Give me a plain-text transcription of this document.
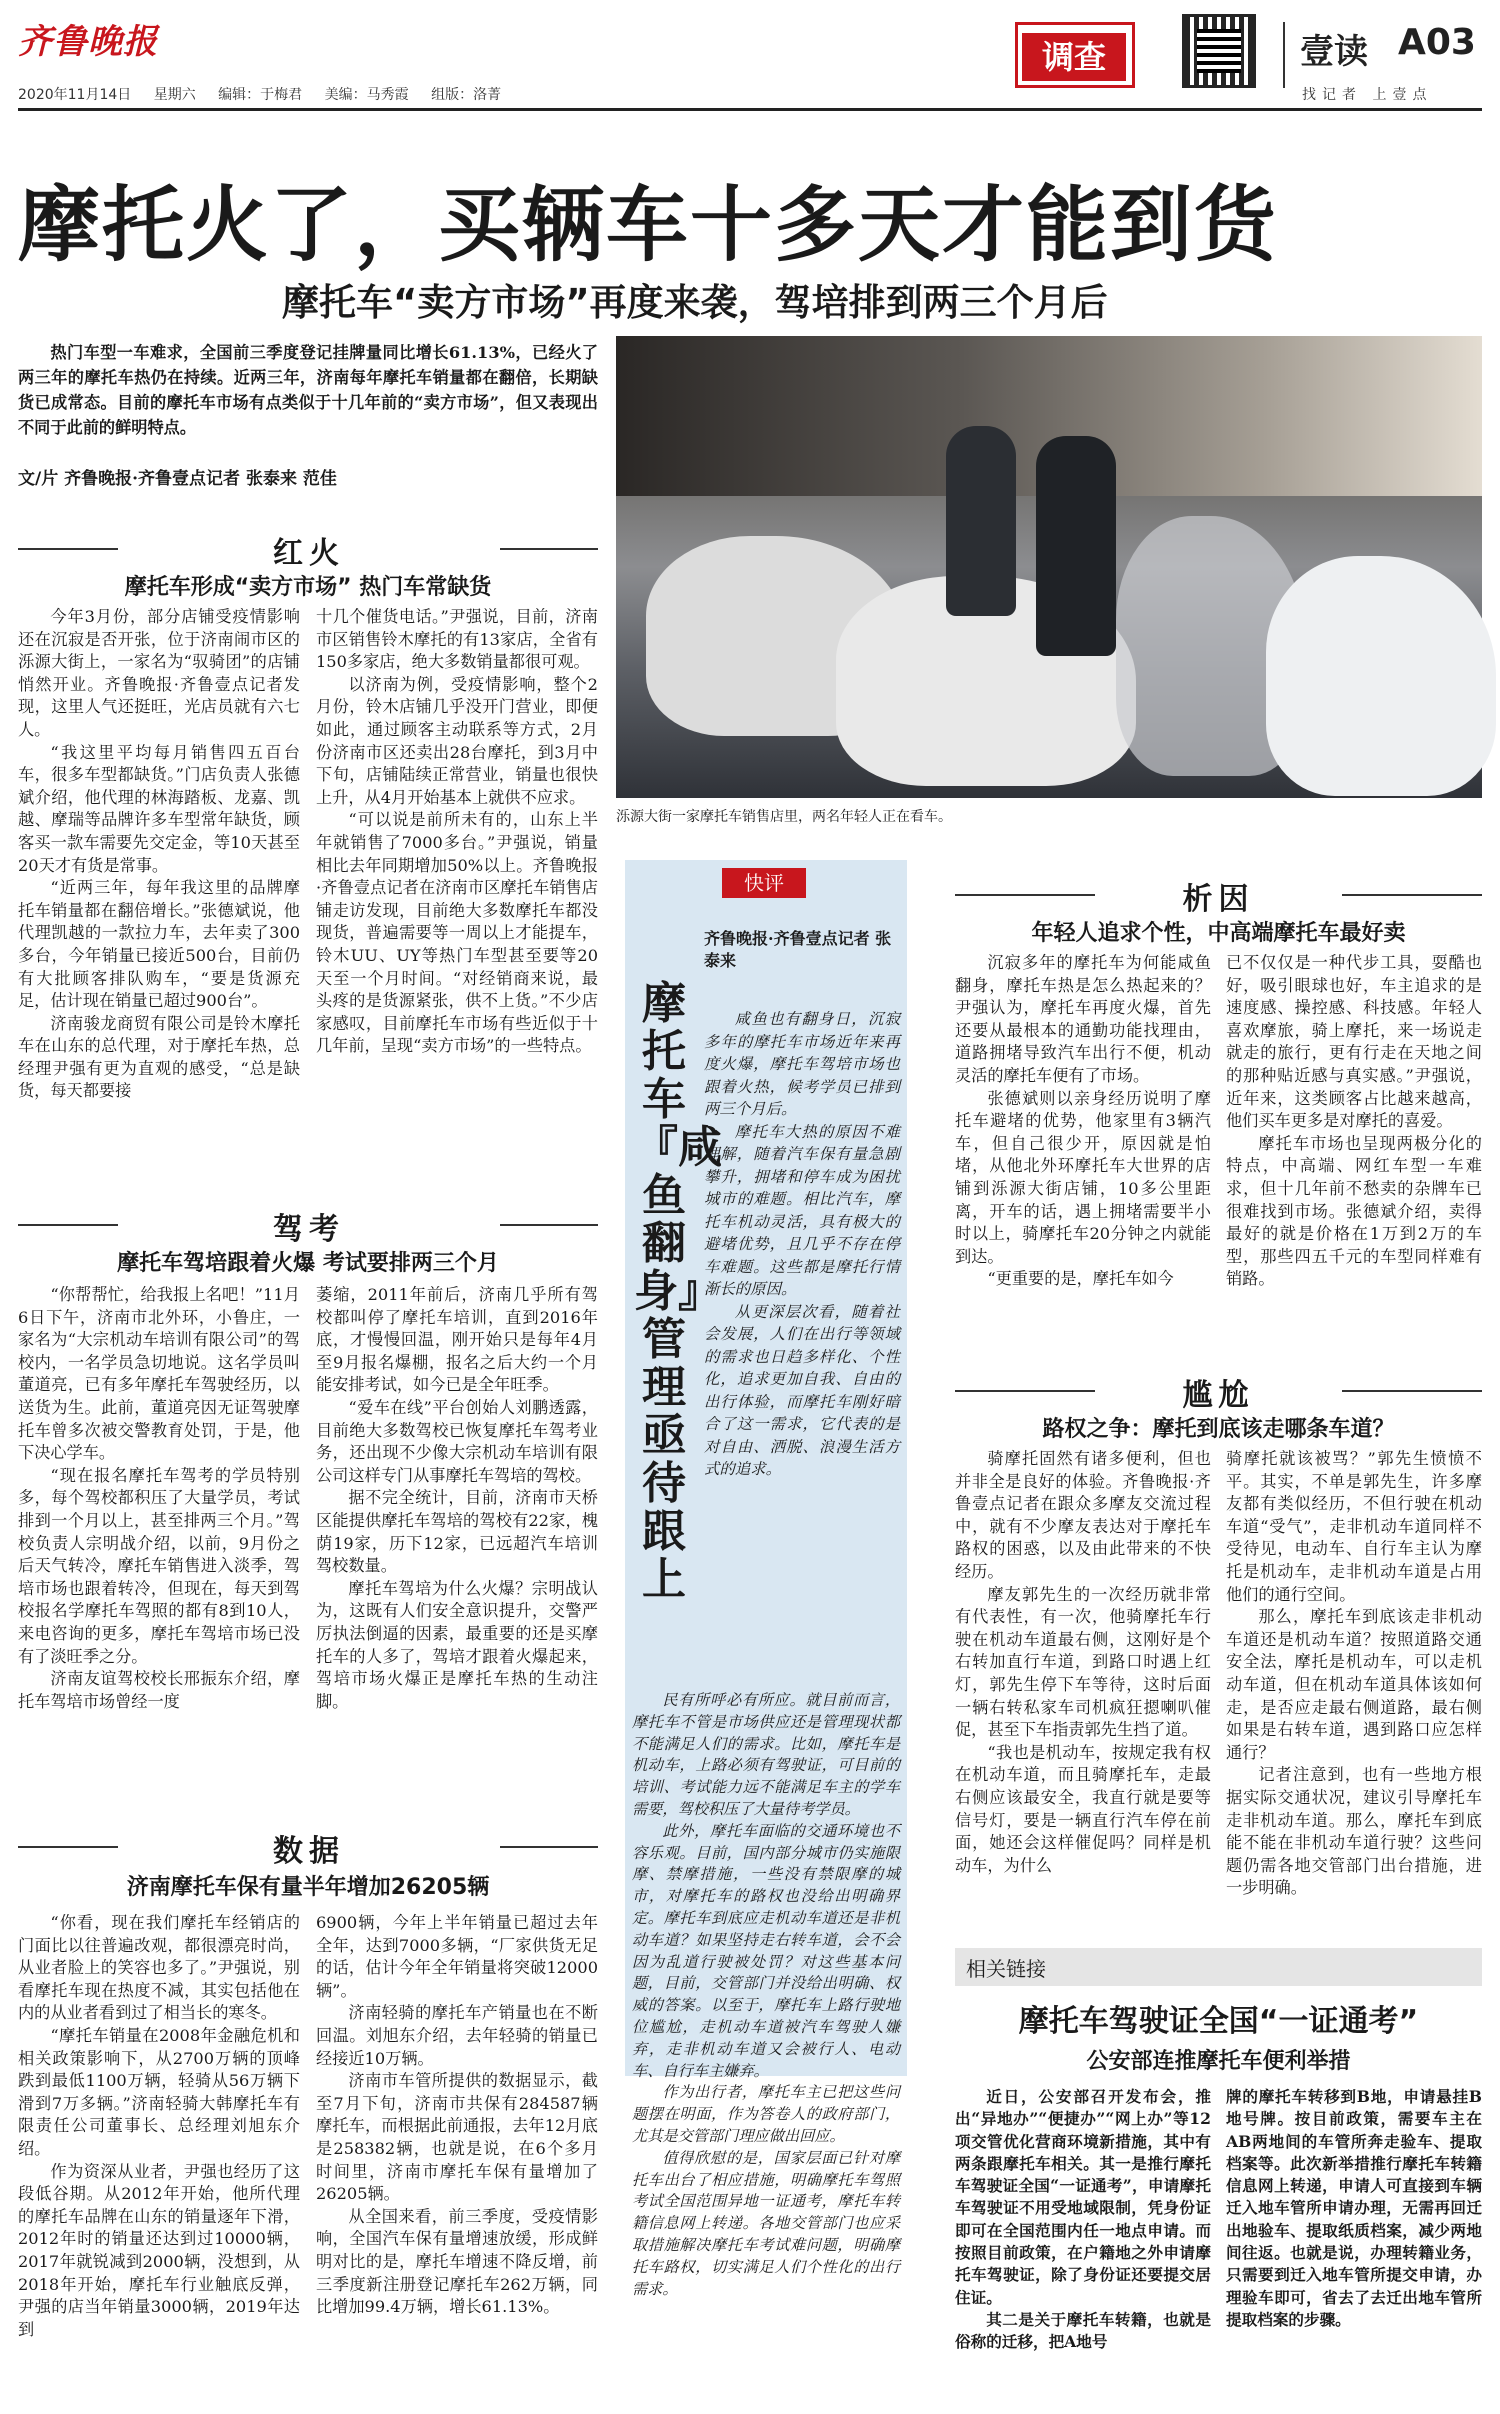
齐鲁晚报
2020年11月14日 星期六 编辑：于梅君 美编：马秀霞 组版：洛菁
调查	壹读 A03
找记者 上壹点
摩托火了，买辆车十多天才能到货
摩托车“卖方市场”再度来袭，驾培排到两三个月后

热门车型一车难求，全国前三季度登记挂牌量同比增长61.13%，已经火了两三年的摩托车热仍在持续。近两三年，济南每年摩托车销量都在翻倍，长期缺货已成常态。目前的摩托车市场有点类似于十几年前的“卖方市场”，但又表现出不同于此前的鲜明特点。

文/片 齐鲁晚报·齐鲁壹点记者 张泰来 范佳
泺源大街一家摩托车销售店里，两名年轻人正在看车。
红火
摩托车形成“卖方市场” 热门车常缺货

今年3月份，部分店铺受疫情影响还在沉寂是否开张，位于济南闹市区的泺源大街上，一家名为“驭骑团”的店铺悄然开业。齐鲁晚报·齐鲁壹点记者发现，这里人气还挺旺，光店员就有六七人。

“我这里平均每月销售四五百台车，很多车型都缺货。”门店负责人张德斌介绍，他代理的林海踏板、龙嘉、凯越、摩瑞等品牌许多车型常年缺货，顾客买一款车需要先交定金，等10天甚至20天才有货是常事。

“近两三年，每年我这里的品牌摩托车销量都在翻倍增长。”张德斌说，他代理凯越的一款拉力车，去年卖了300多台，今年销量已接近500台，目前仍有大批顾客排队购车，“要是货源充足，估计现在销量已超过900台”。

济南骏龙商贸有限公司是铃木摩托车在山东的总代理，对于摩托车热，总经理尹强有更为直观的感受，“总是缺货，每天都要接

十几个催货电话。”尹强说，目前，济南市区销售铃木摩托的有13家店，全省有150多家店，绝大多数销量都很可观。

以济南为例，受疫情影响，整个2月份，铃木店铺几乎没开门营业，即便如此，通过顾客主动联系等方式，2月份济南市区还卖出28台摩托，到3月中下旬，店铺陆续正常营业，销量也很快上升，从4月开始基本上就供不应求。

“可以说是前所未有的，山东上半年就销售了7000多台。”尹强说，销量相比去年同期增加50%以上。齐鲁晚报·齐鲁壹点记者在济南市区摩托车销售店铺走访发现，目前绝大多数摩托车都没现货，普遍需要等一周以上才能提车，铃木UU、UY等热门车型甚至要等20天至一个月时间。“对经销商来说，最头疼的是货源紧张，供不上货。”不少店家感叹，目前摩托车市场有些近似于十几年前，呈现“卖方市场”的一些特点。

驾考
摩托车驾培跟着火爆 考试要排两三个月

“你帮帮忙，给我报上名吧！”11月6日下午，济南市北外环，小鲁庄，一家名为“大宗机动车培训有限公司”的驾校内，一名学员急切地说。这名学员叫董道亮，已有多年摩托车驾驶经历，以送货为生。此前，董道亮因无证驾驶摩托车曾多次被交警教育处罚，于是，他下决心学车。

“现在报名摩托车驾考的学员特别多，每个驾校都积压了大量学员，考试排到一个月以上，甚至排两三个月。”驾校负责人宗明战介绍，以前，9月份之后天气转冷，摩托车销售进入淡季，驾培市场也跟着转冷，但现在，每天到驾校报名学摩托车驾照的都有8到10人，来电咨询的更多，摩托车驾培市场已没有了淡旺季之分。

济南友谊驾校校长邢振东介绍，摩托车驾培市场曾经一度

萎缩，2011年前后，济南几乎所有驾校都叫停了摩托车培训，直到2016年底，才慢慢回温，刚开始只是每年4月至9月报名爆棚，报名之后大约一个月能安排考试，如今已是全年旺季。

“爱车在线”平台创始人刘鹏透露，目前绝大多数驾校已恢复摩托车驾考业务，还出现不少像大宗机动车培训有限公司这样专门从事摩托车驾培的驾校。

据不完全统计，目前，济南市天桥区能提供摩托车驾培的驾校有22家，槐荫19家，历下12家，已远超汽车培训驾校数量。

摩托车驾培为什么火爆？宗明战认为，这既有人们安全意识提升，交警严厉执法倒逼的因素，最重要的还是买摩托车的人多了，驾培才跟着火爆起来，驾培市场火爆正是摩托车热的生动注脚。

数据
济南摩托车保有量半年增加26205辆

“你看，现在我们摩托车经销店的门面比以往普遍改观，都很漂亮时尚，从业者脸上的笑容也多了。”尹强说，别看摩托车现在热度不减，其实包括他在内的从业者看到过了相当长的寒冬。

“摩托车销量在2008年金融危机和相关政策影响下，从2700万辆的顶峰跌到最低1100万辆，轻骑从56万辆下滑到7万多辆。”济南轻骑大韩摩托车有限责任公司董事长、总经理刘旭东介绍。

作为资深从业者，尹强也经历了这段低谷期。从2012年开始，他所代理的摩托车品牌在山东的销量逐年下滑，2012年时的销量还达到过10000辆，2017年就锐减到2000辆，没想到，从2018年开始，摩托车行业触底反弹，尹强的店当年销量3000辆，2019年达到

6900辆，今年上半年销量已超过去年全年，达到7000多辆，“厂家供货无足的话，估计今年全年销量将突破12000辆”。

济南轻骑的摩托车产销量也在不断回温。刘旭东介绍，去年轻骑的销量已经接近10万辆。

济南市车管所提供的数据显示，截至7月下旬，济南市共保有284587辆摩托车，而根据此前通报，去年12月底是258382辆，也就是说，在6个多月时间里，济南市摩托车保有量增加了26205辆。

从全国来看，前三季度，受疫情影响，全国汽车保有量增速放缓，形成鲜明对比的是，摩托车增速不降反增，前三季度新注册登记摩托车262万辆，同比增加99.4万辆，增长61.13%。

快评
摩托车『咸鱼翻身』管理亟待跟上
齐鲁晚报·齐鲁壹点记者 张泰来

咸鱼也有翻身日，沉寂多年的摩托车市场近年来再度火爆，摩托车驾培市场也跟着火热，候考学员已排到两三个月后。

摩托车大热的原因不难理解，随着汽车保有量急剧攀升，拥堵和停车成为困扰城市的难题。相比汽车，摩托车机动灵活，具有极大的避堵优势，且几乎不存在停车难题。这些都是摩托行情渐长的原因。

从更深层次看，随着社会发展，人们在出行等领域的需求也日趋多样化、个性化，追求更加自我、自由的出行体验，而摩托车刚好暗合了这一需求，它代表的是对自由、洒脱、浪漫生活方式的追求。

民有所呼必有所应。就目前而言，摩托车不管是市场供应还是管理现状都不能满足人们的需求。比如，摩托车是机动车，上路必须有驾驶证，可目前的培训、考试能力远不能满足车主的学车需要，驾校积压了大量待考学员。

此外，摩托车面临的交通环境也不容乐观。目前，国内部分城市仍实施限摩、禁摩措施，一些没有禁限摩的城市，对摩托车的路权也没给出明确界定。摩托车到底应走机动车道还是非机动车道？如果坚持走右转车道，会不会因为乱道行驶被处罚？对这些基本问题，目前，交管部门并没给出明确、权威的答案。以至于，摩托车上路行驶地位尴尬，走机动车道被汽车驾驶人嫌弃，走非机动车道又会被行人、电动车、自行车主嫌弃。

作为出行者，摩托车主已把这些问题摆在明面，作为答卷人的政府部门，尤其是交管部门理应做出回应。

值得欣慰的是，国家层面已针对摩托车出台了相应措施，明确摩托车驾照考试全国范围异地一证通考，摩托车转籍信息网上转递。各地交管部门也应采取措施解决摩托车考试难问题，明确摩托车路权，切实满足人们个性化的出行需求。

析因
年轻人追求个性，中高端摩托车最好卖

沉寂多年的摩托车为何能咸鱼翻身，摩托车热是怎么热起来的？尹强认为，摩托车再度火爆，首先还要从最根本的通勤功能找理由，道路拥堵导致汽车出行不便，机动灵活的摩托车便有了市场。

张德斌则以亲身经历说明了摩托车避堵的优势，他家里有3辆汽车，但自己很少开，原因就是怕堵，从他北外环摩托车大世界的店铺到泺源大街店铺，10多公里距离，开车的话，遇上拥堵需要半小时以上，骑摩托车20分钟之内就能到达。

“更重要的是，摩托车如今

已不仅仅是一种代步工具，耍酷也好，吸引眼球也好，车主追求的是速度感、操控感、科技感。年轻人喜欢摩旅，骑上摩托，来一场说走就走的旅行，更有行走在天地之间的那种贴近感与真实感。”尹强说，近年来，这类顾客占比越来越高，他们买车更多是对摩托的喜爱。

摩托车市场也呈现两极分化的特点，中高端、网红车型一车难求，但十几年前不愁卖的杂牌车已很难找到市场。张德斌介绍，卖得最好的就是价格在1万到2万的车型，那些四五千元的车型同样难有销路。

尴尬
路权之争：摩托到底该走哪条车道？

骑摩托固然有诸多便利，但也并非全是良好的体验。齐鲁晚报·齐鲁壹点记者在跟众多摩友交流过程中，就有不少摩友表达对于摩托车路权的困惑，以及由此带来的不快经历。

摩友郭先生的一次经历就非常有代表性，有一次，他骑摩托车行驶在机动车道最右侧，这刚好是个右转加直行车道，到路口时遇上红灯，郭先生停下车等待，这时后面一辆右转私家车司机疯狂摁喇叭催促，甚至下车指责郭先生挡了道。

“我也是机动车，按规定我有权在机动车道，而且骑摩托车，走最右侧应该最安全，我直行就是要等信号灯，要是一辆直行汽车停在前面，她还会这样催促吗？同样是机动车，为什么

骑摩托就该被骂？”郭先生愤愤不平。其实，不单是郭先生，许多摩友都有类似经历，不但行驶在机动车道“受气”，走非机动车道同样不受待见，电动车、自行车主认为摩托是机动车，走非机动车道是占用他们的通行空间。

那么，摩托车到底该走非机动车道还是机动车道？按照道路交通安全法，摩托是机动车，可以走机动车道，但在机动车道具体该如何走，是否应走最右侧道路，最右侧如果是右转车道，遇到路口应怎样通行？

记者注意到，也有一些地方根据实际交通状况，建议引导摩托车走非机动车道。那么，摩托车到底能不能在非机动车道行驶？这些问题仍需各地交管部门出台措施，进一步明确。

相关链接
摩托车驾驶证全国“一证通考”
公安部连推摩托车便利举措

近日，公安部召开发布会，推出“异地办”“便捷办”“网上办”等12项交管优化营商环境新措施，其中有两条跟摩托车相关。其一是推行摩托车驾驶证全国“一证通考”，申请摩托车驾驶证不用受地域限制，凭身份证即可在全国范围内任一地点申请。而按照目前政策，在户籍地之外申请摩托车驾驶证，除了身份证还要提交居住证。

其二是关于摩托车转籍，也就是俗称的迁移，把A地号

牌的摩托车转移到B地，申请悬挂B地号牌。按目前政策，需要车主在AB两地间的车管所奔走验车、提取档案等。此次新举措推行摩托车转籍信息网上转递，申请人可直接到车辆迁入地车管所申请办理，无需再回迁出地验车、提取纸质档案，减少两地间往返。也就是说，办理转籍业务，只需要到迁入地车管所提交申请，办理验车即可，省去了去迁出地车管所提取档案的步骤。
